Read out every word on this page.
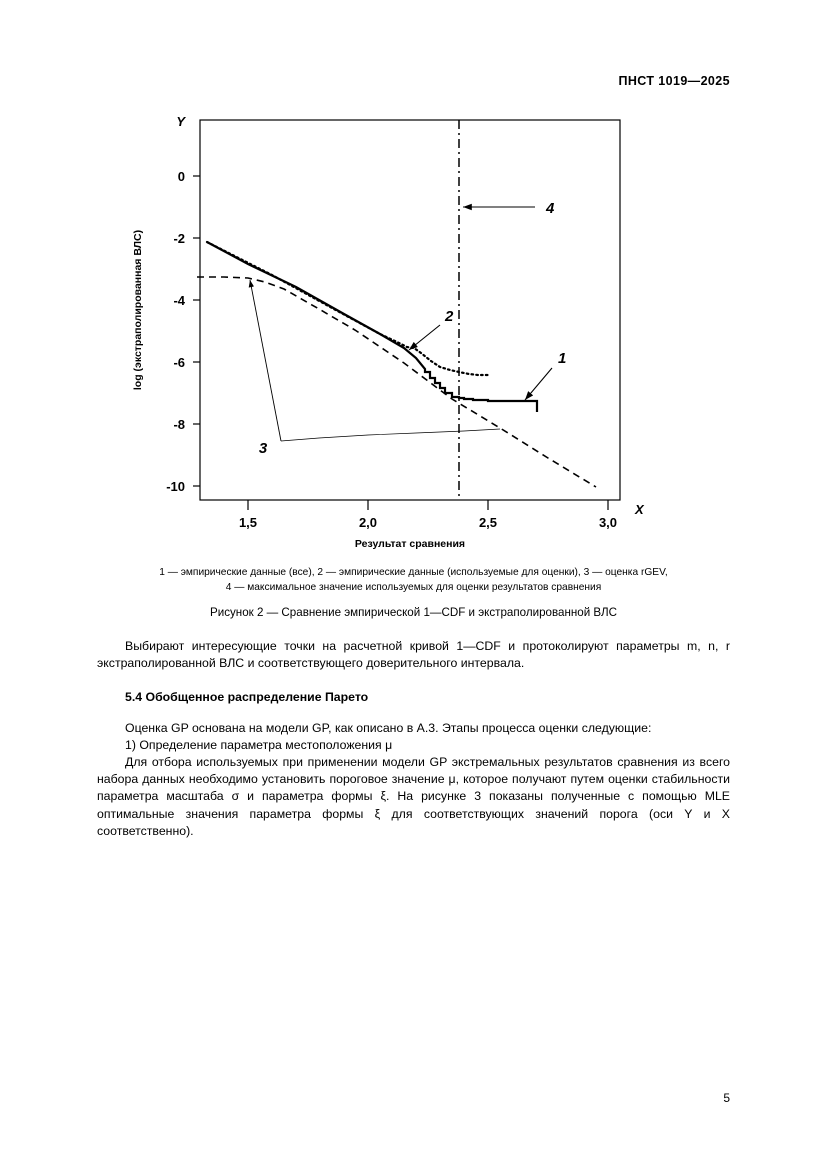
ПНСТ 1019—2025
0
-2
-4
-6
-8
-10
Y
log (экстраполированная ВЛС)
1,5	2,0	2,5	3,0
X
Результат сравнения
1
2
3
4
1 — эмпирические данные (все), 2 — эмпирические данные (используемые для оценки), 3 — оценка rGEV,
4 — максимальное значение используемых для оценки результатов сравнения
Рисунок 2 — Сравнение эмпирической 1—CDF и экстраполированной ВЛС

Выбирают интересующие точки на расчетной кривой 1—CDF и протоколируют параметры m, n, r экстраполированной ВЛС и соответствующего доверительного интервала.

5.4 Обобщенное распределение Парето

Оценка GP основана на модели GP, как описано в А.3. Этапы процесса оценки следующие:

1) Определение параметра местоположения μ

Для отбора используемых при применении модели GP экстремальных результатов сравнения из всего набора данных необходимо установить пороговое значение μ, которое получают путем оценки стабильности параметра масштаба σ и параметра формы ξ. На рисунке 3 показаны полученные с помощью MLE оптимальные значения параметра формы ξ для соответствующих значений порога (оси Y и X соответственно).

5
